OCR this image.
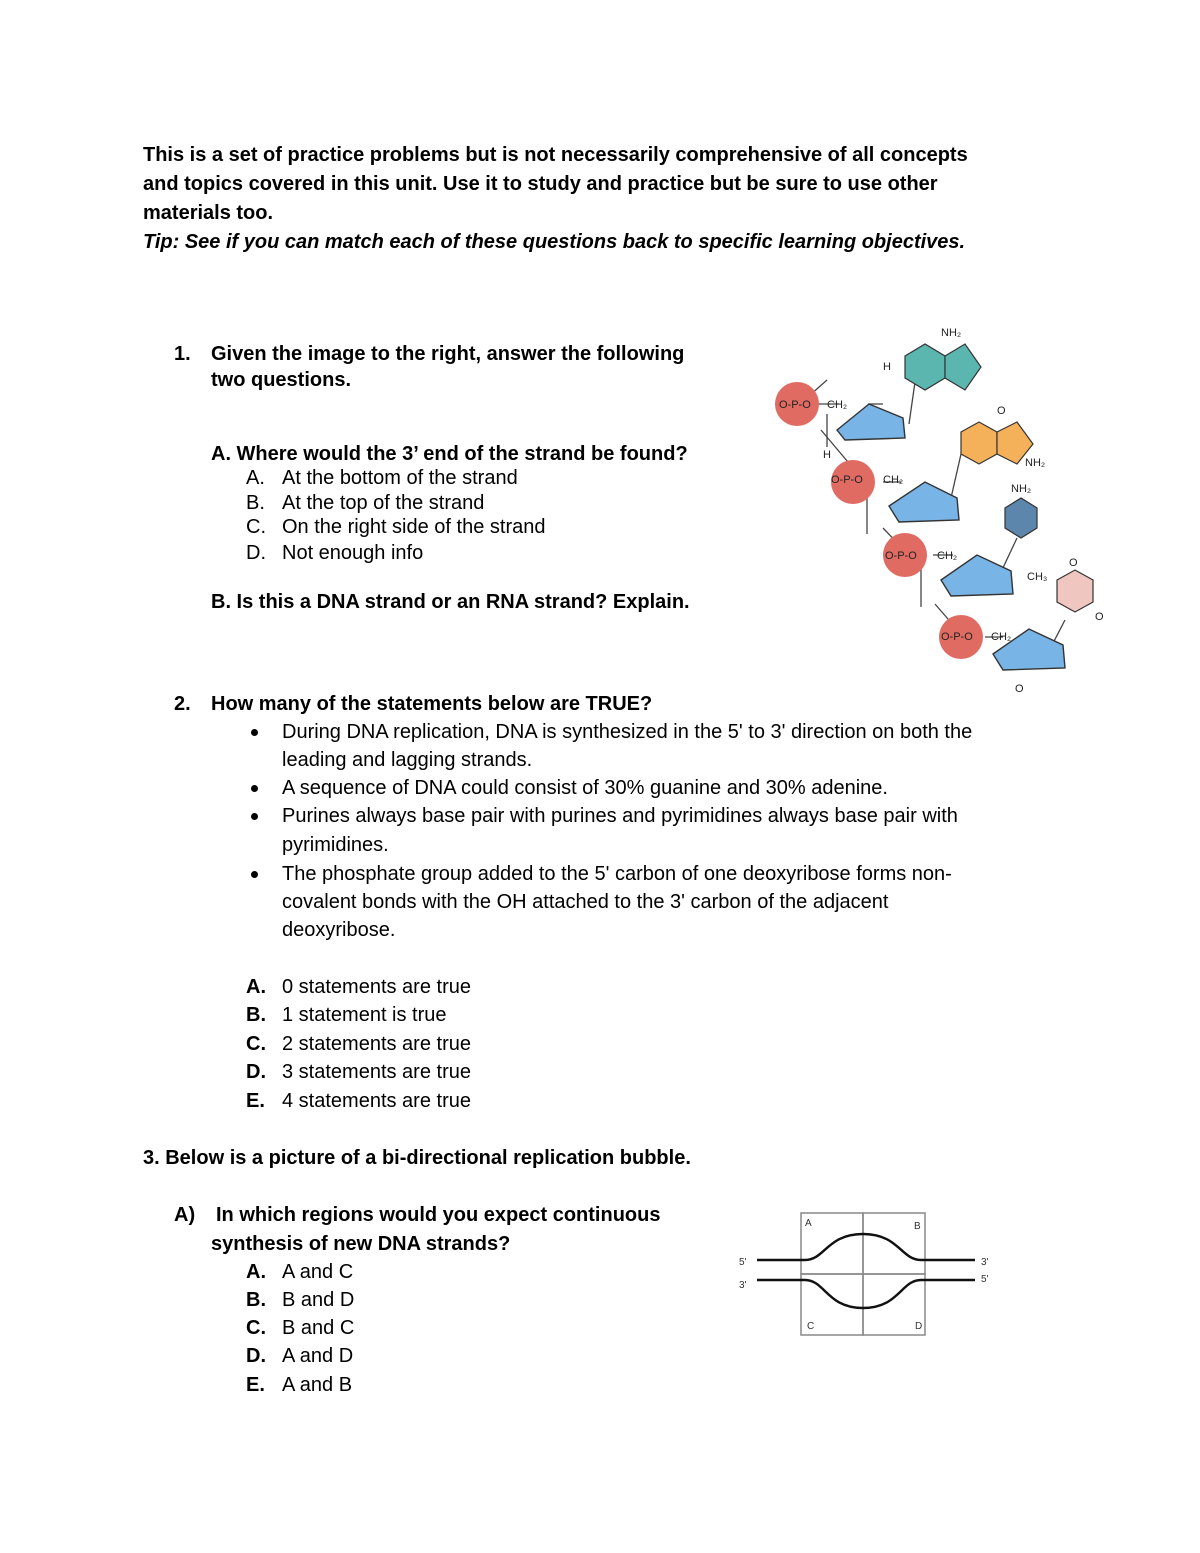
This is a set of practice problems but is not necessarily comprehensive of all concepts
and topics covered in this unit. Use it to study and practice but be sure to use other
materials too.
Tip: See if you can match each of these questions back to specific learning objectives.
1. Given the image to the right, answer the following
two questions.
A. Where would the 3’ end of the strand be found?
A. At the bottom of the strand
B. At the top of the strand
C. On the right side of the strand
D. Not enough info
B. Is this a DNA strand or an RNA strand? Explain.
O-P-O CH₂
O-P-O CH₂
O-P-O CH₂
O-P-O CH₂
NH₂
O
NH₂
NH₂
CH₃
O
O
H
H
O
2. How many of the statements below are TRUE?
During DNA replication, DNA is synthesized in the 5' to 3' direction on both the
leading and lagging strands.
A sequence of DNA could consist of 30% guanine and 30% adenine.
Purines always base pair with purines and pyrimidines always base pair with
pyrimidines.
The phosphate group added to the 5' carbon of one deoxyribose forms non-
covalent bonds with the OH attached to the 3' carbon of the adjacent
deoxyribose.
A. 0 statements are true
B. 1 statement is true
C. 2 statements are true
D. 3 statements are true
E. 4 statements are true
3. Below is a picture of a bi-directional replication bubble.
A) In which regions would you expect continuous
synthesis of new DNA strands?
A. A and C
B. B and D
C. B and C
D. A and D
E. A and B
A	B
C	D
5'
3'
3'
5'
